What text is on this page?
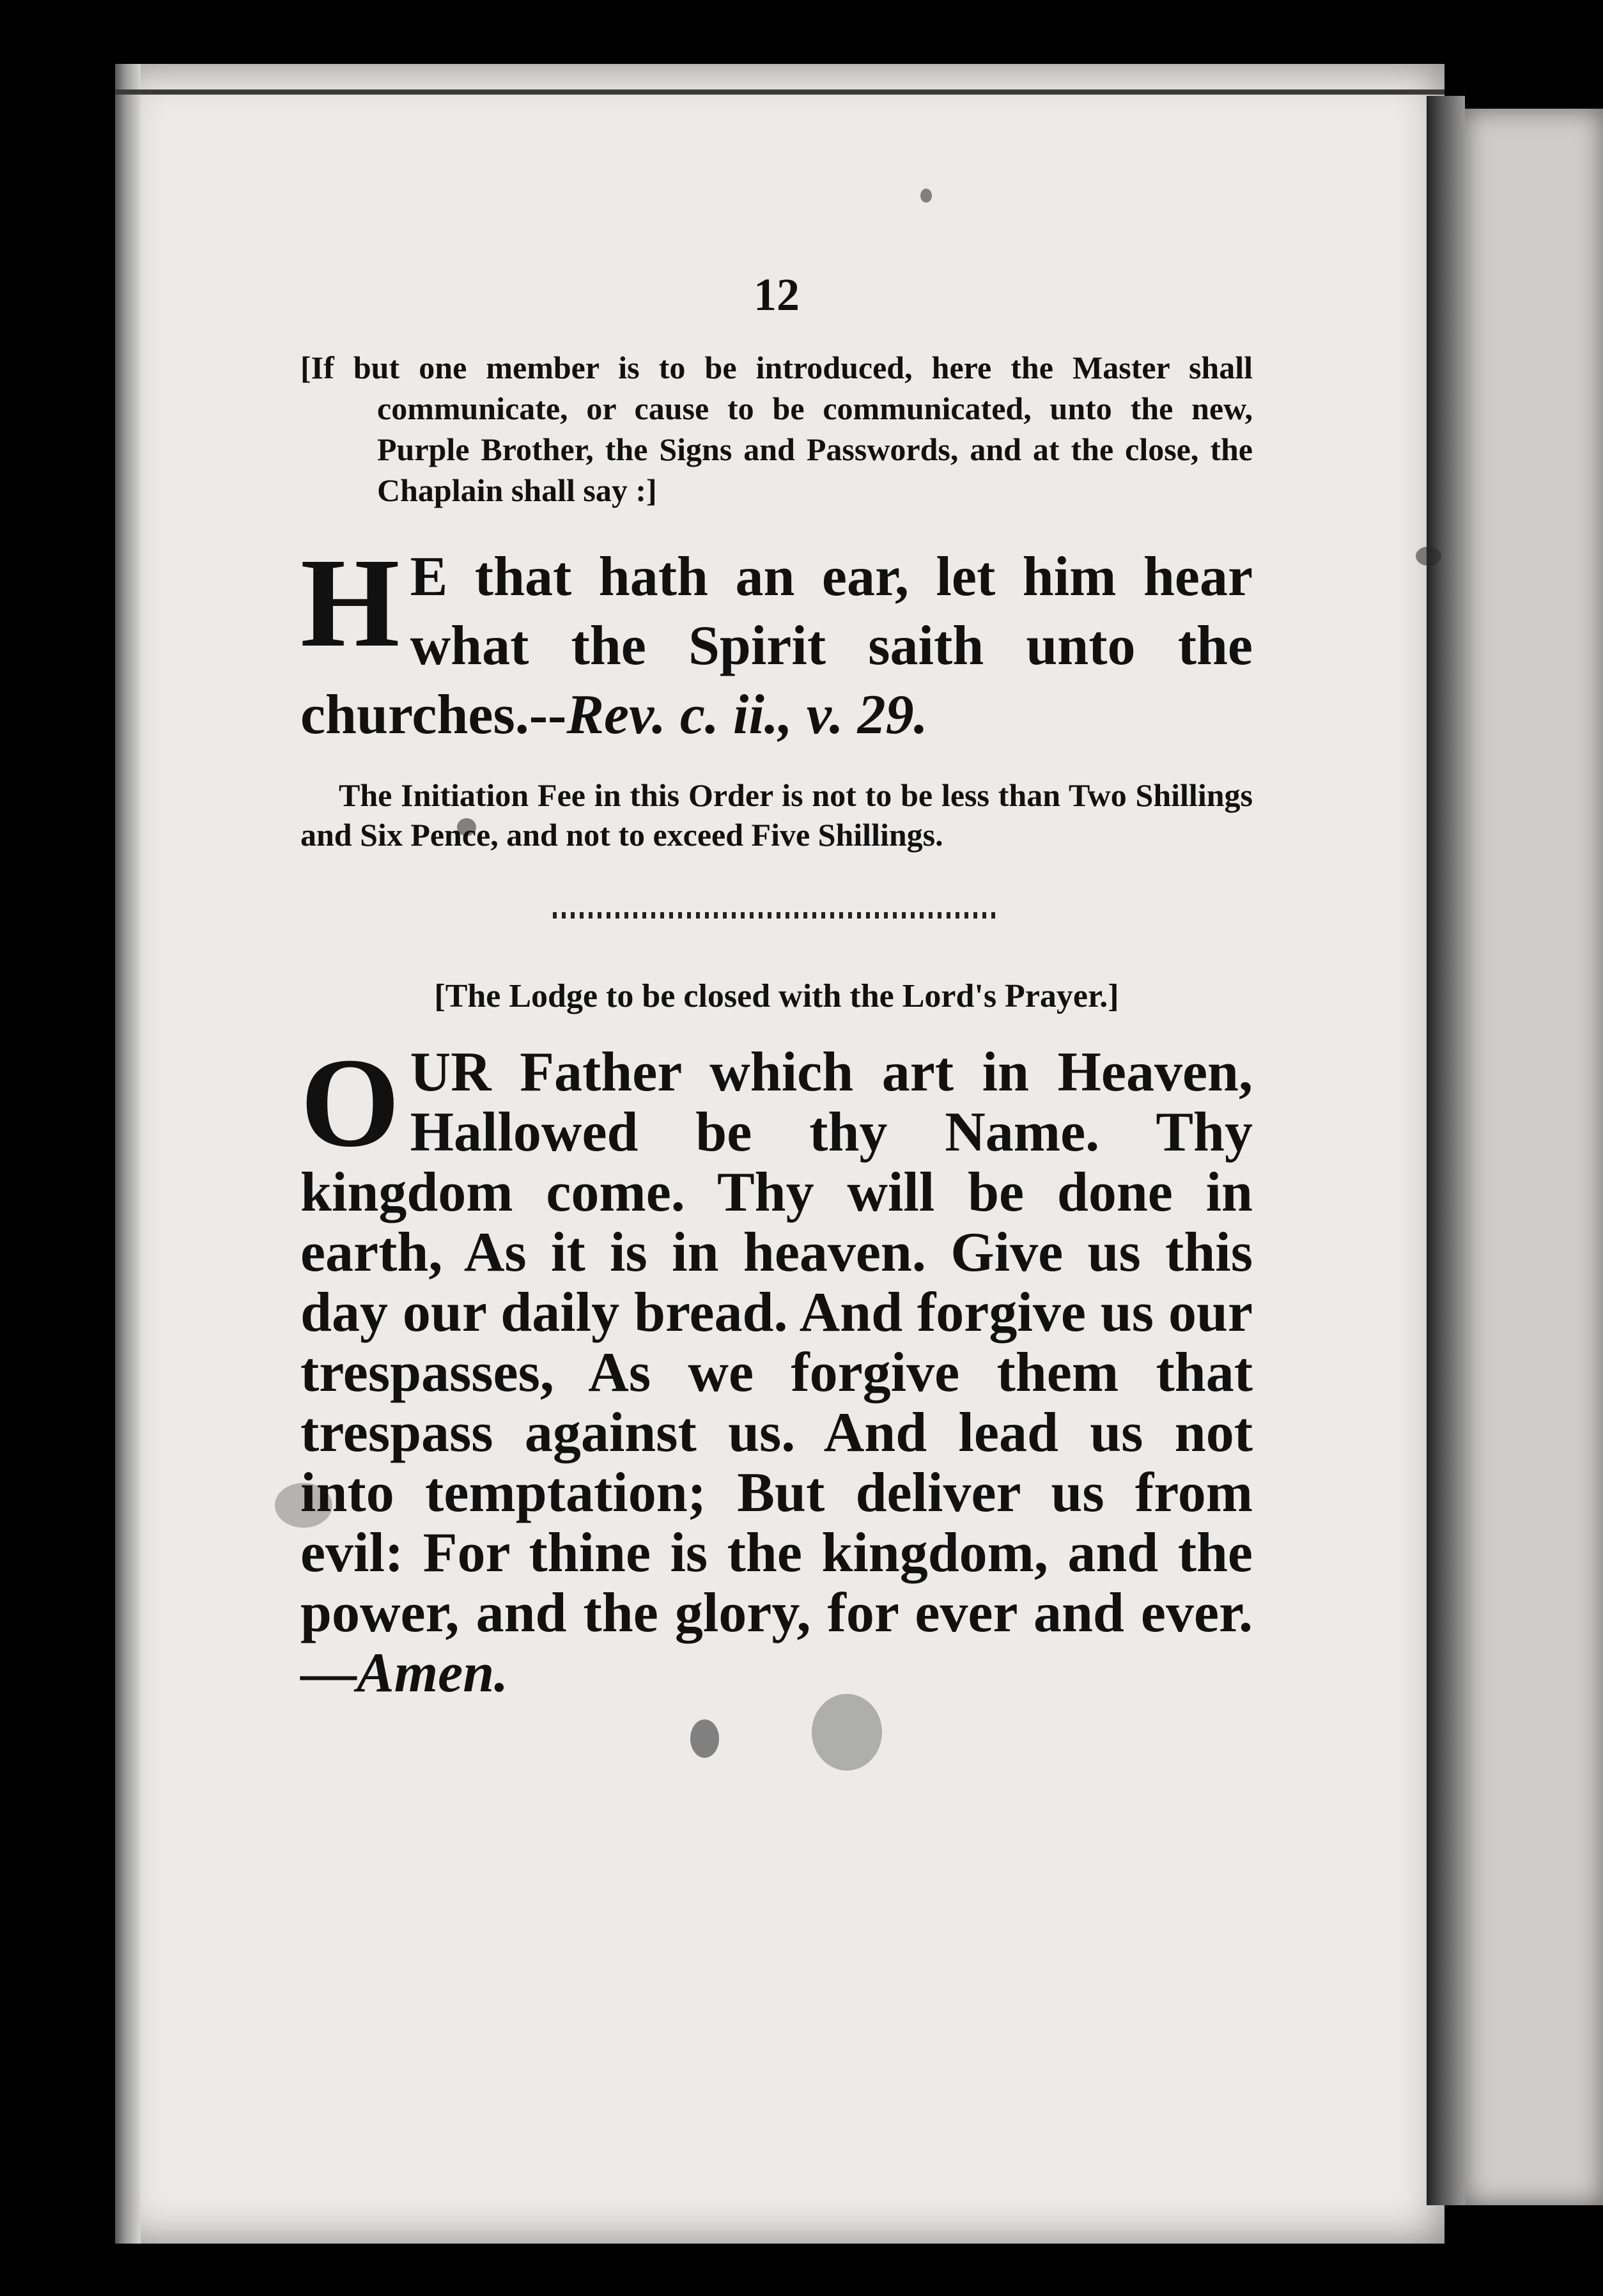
12

[If but one member is to be introduced, here the Master shall communicate, or cause to be communicated, unto the new, Purple Brother, the Signs and Passwords, and at the close, the Chaplain shall say :]

H E that hath an ear, let him hear what the Spirit saith unto the churches.--Rev. c. ii., v. 29.

The Initiation Fee in this Order is not to be less than Two Shillings and Six Pence, and not to exceed Five Shillings.

[The Lodge to be closed with the Lord's Prayer.]

OUR Father which art in Heaven, Hallowed be thy Name. Thy kingdom come. Thy will be done in earth, As it is in heaven. Give us this day our daily bread. And forgive us our trespasses, As we forgive them that trespass against us. And lead us not into temptation; But deliver us from evil: For thine is the kingdom, and the power, and the glory, for ever and ever.—Amen.
